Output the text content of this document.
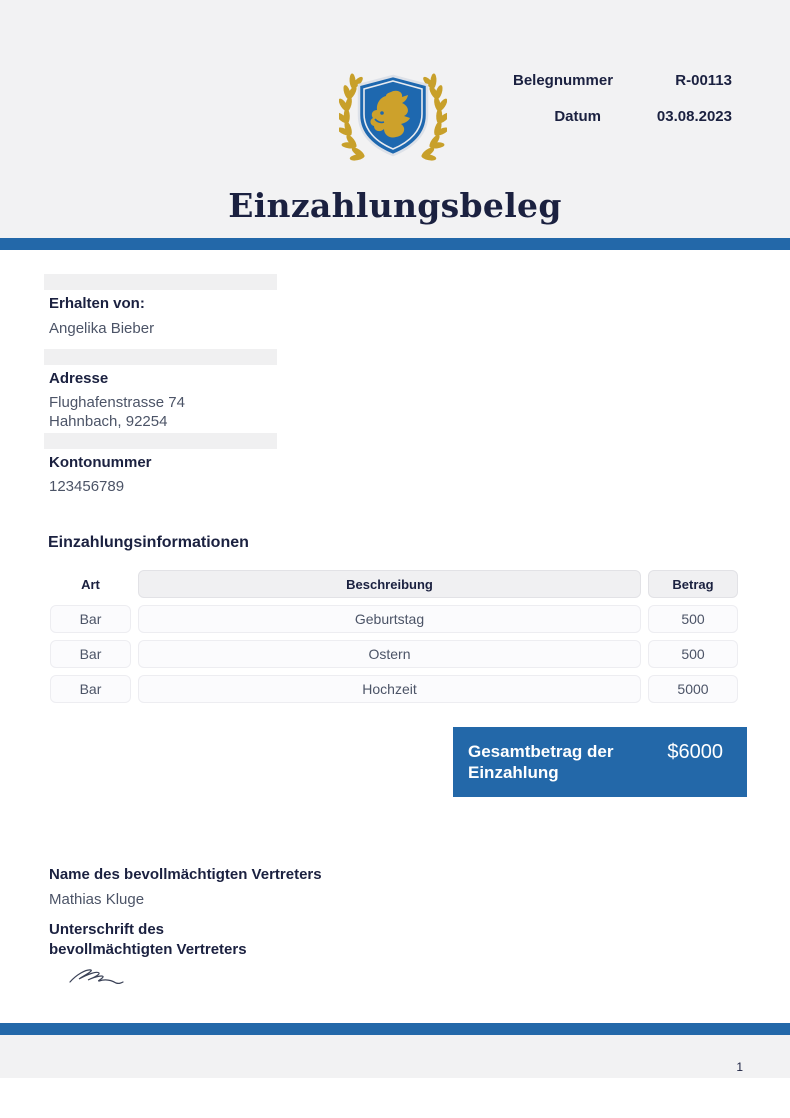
Belegnummer	R-00113
Datum	03.08.2023
Einzahlungsbeleg
Erhalten von:
Angelika Bieber
Adresse
Flughafenstrasse 74
Hahnbach, 92254
Kontonummer
123456789
Einzahlungsinformationen
Art	Beschreibung	Betrag
Bar	Geburtstag	500
Bar	Ostern	500
Bar	Hochzeit	5000
Gesamtbetrag der Einzahlung
$6000
Name des bevollmächtigten Vertreters
Mathias Kluge
Unterschrift des bevollmächtigten Vertreters
1
